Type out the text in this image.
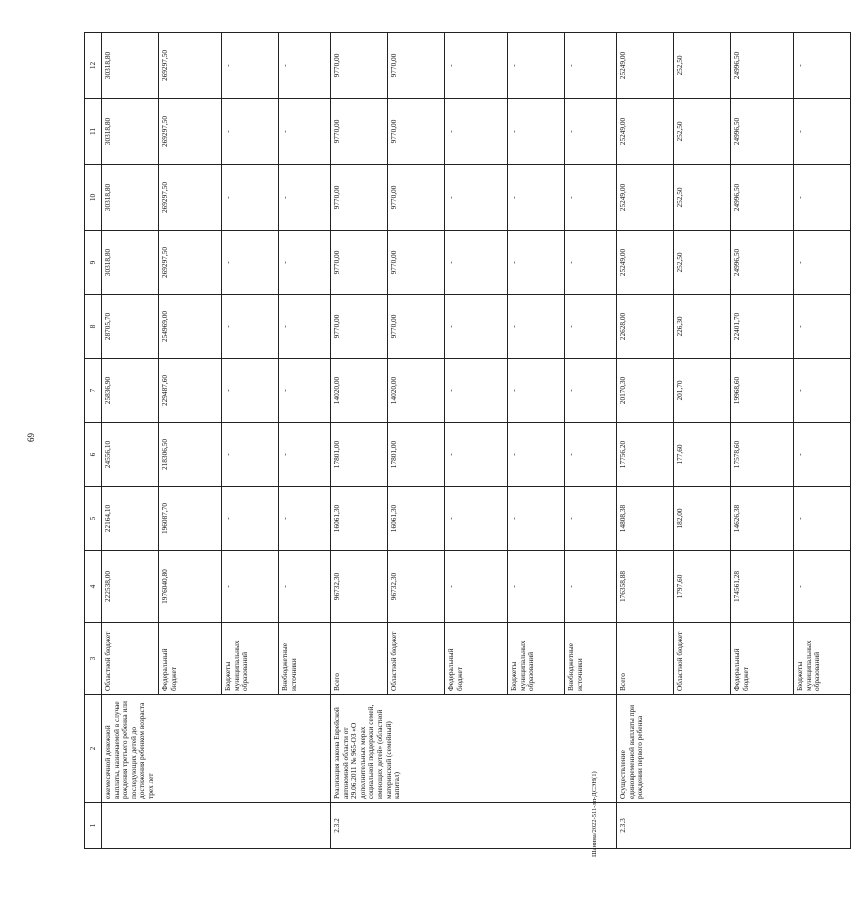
69
Шанина/2022-511-лп-ДСЭН(1)
1	2	3	4	5	6	7	8	9	10	11	12
	ежемесячной денежной выплаты, назначаемой в случае рождения третьего ребенка или последующих детей до достижения ребенком возраста трех лет	Областной бюджет	222538,00	22164,10	24556,10	25836,90	28705,70	30318,80	30318,80	30318,80	30318,80
		Федеральный бюджет	1976040,80	196087,70	218306,50	229487,60	254969,00	269297,50	269297,50	269297,50	269297,50
		Бюджеты муниципальных образований	-	-	-	-	-	-	-	-	-
		Внебюджетные источники	-	-	-	-	-	-	-	-	-
2.3.2	Реализация закона Еврейской автономной области от 29.06.2011 № 965-ОЗ «О дополнительных мерах социальной поддержки семей, имеющих детей» (областной материнский (семейный) капитал)	Всего	96732,30	16061,30	17801,00	14020,00	9770,00	9770,00	9770,00	9770,00	9770,00
		Областной бюджет	96732,30	16061,30	17801,00	14020,00	9770,00	9770,00	9770,00	9770,00	9770,00
		Федеральный бюджет	-	-	-	-	-	-	-	-	-
		Бюджеты муниципальных образований	-	-	-	-	-	-	-	-	-
		Внебюджетные источники	-	-	-	-	-	-	-	-	-
2.3.3	Осуществление единовременной выплаты при рождении первого ребенка	Всего	176358,88	14808,38	17756,20	20170,30	22628,00	25249,00	25249,00	25249,00	25249,00
		Областной бюджет	1797,60	182,00	177,60	201,70	226,30	252,50	252,50	252,50	252,50
		Федеральный бюджет	174561,28	14626,38	17578,60	19968,60	22401,70	24996,50	24996,50	24996,50	24996,50
		Бюджеты муниципальных образований	-	-	-	-	-	-	-	-	-
